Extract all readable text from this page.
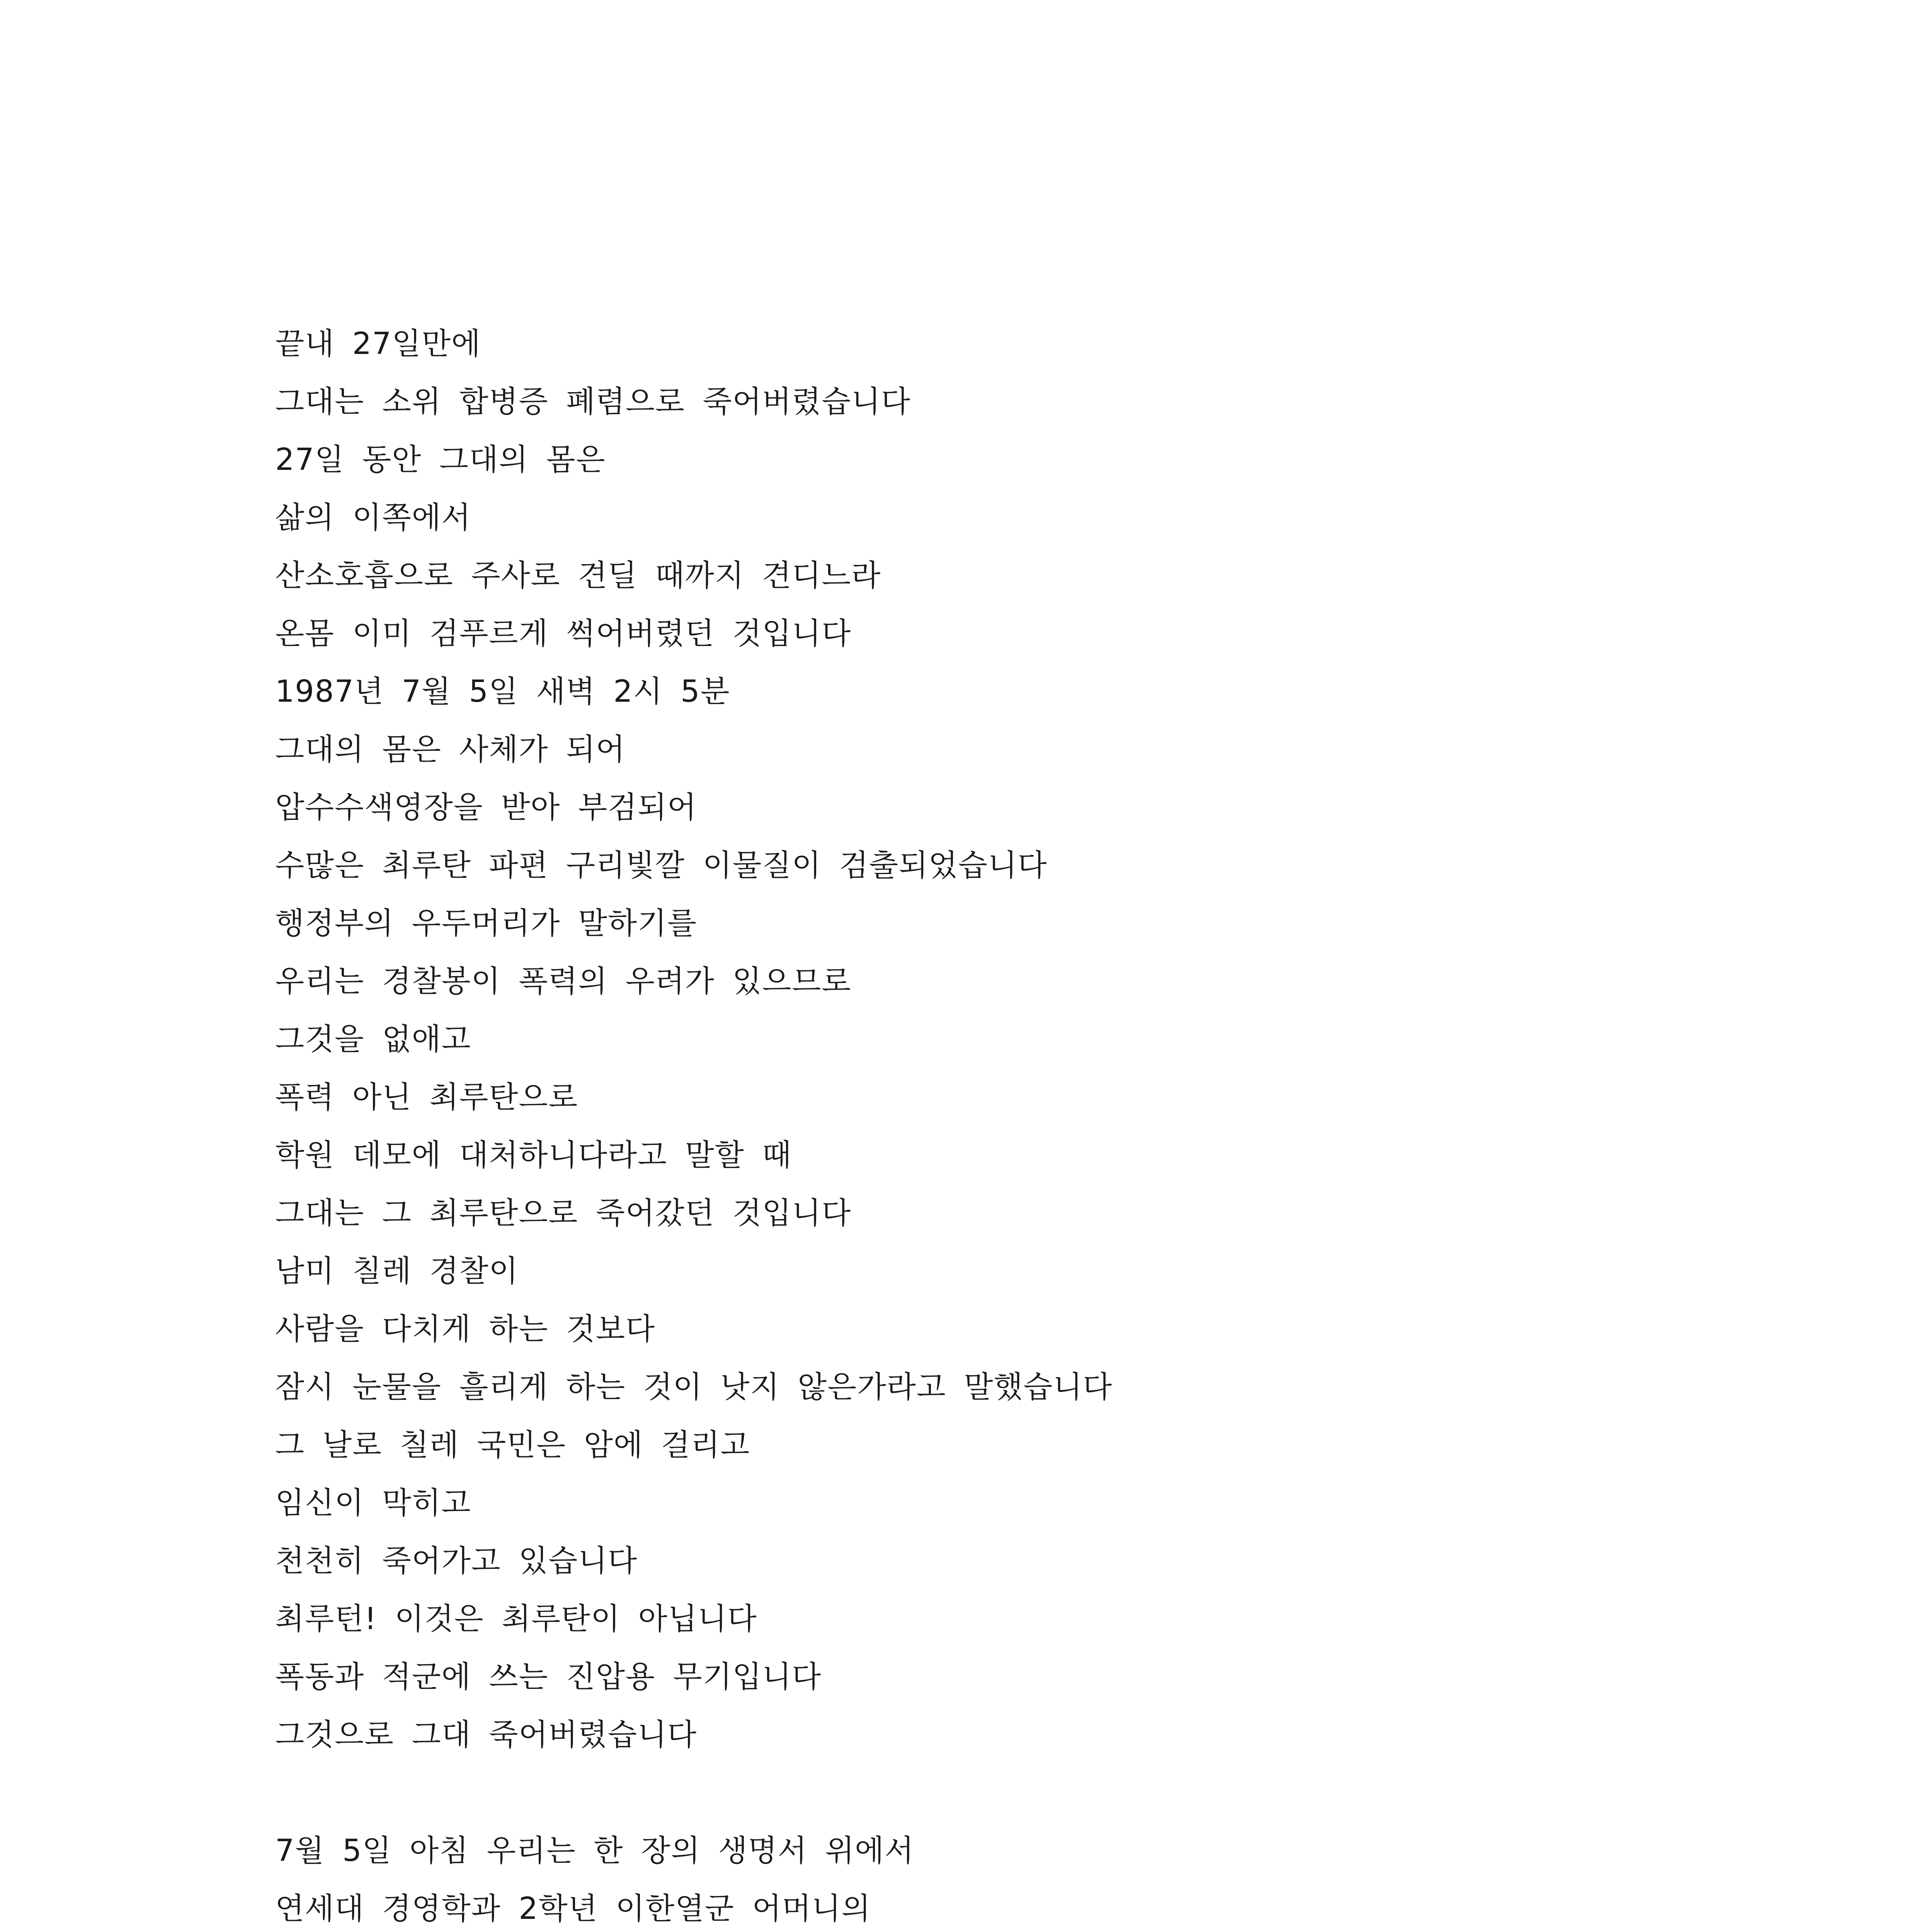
끝내 27일만에
그대는 소위 합병증 폐렴으로 죽어버렸습니다
27일 동안 그대의 몸은
삶의 이쪽에서
산소호흡으로 주사로 견딜 때까지 견디느라
온몸 이미 검푸르게 썩어버렸던 것입니다
1987년 7월 5일 새벽 2시 5분
그대의 몸은 사체가 되어
압수수색영장을 받아 부검되어
수많은 최루탄 파편 구리빛깔 이물질이 검출되었습니다
행정부의 우두머리가 말하기를
우리는 경찰봉이 폭력의 우려가 있으므로
그것을 없애고
폭력 아닌 최루탄으로
학원 데모에 대처하니다라고 말할 때
그대는 그 최루탄으로 죽어갔던 것입니다
남미 칠레 경찰이
사람을 다치게 하는 것보다
잠시 눈물을 흘리게 하는 것이 낫지 않은가라고 말했습니다
그 날로 칠레 국민은 암에 걸리고
임신이 막히고
천천히 죽어가고 있습니다
최루턴! 이것은 최루탄이 아닙니다
폭동과 적군에 쓰는 진압용 무기입니다
그것으로 그대 죽어버렸습니다
7월 5일 아침 우리는 한 장의 생명서 위에서
연세대 경영학과 2학년 이한열군 어머니의
